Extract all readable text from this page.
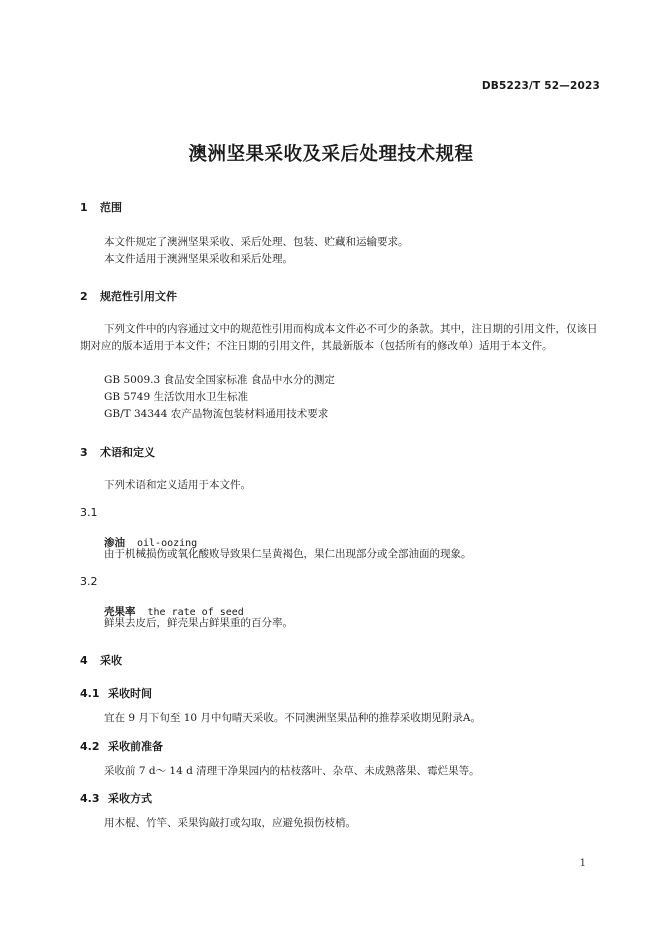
DB5223/T 52—2023
澳洲坚果采收及采后处理技术规程
1 范围
本文件规定了澳洲坚果采收、采后处理、包装、贮藏和运输要求。
本文件适用于澳洲坚果采收和采后处理。
2 规范性引用文件
下列文件中的内容通过文中的规范性引用而构成本文件必不可少的条款。其中，注日期的引用文件，仅该日期对应的版本适用于本文件；不注日期的引用文件，其最新版本（包括所有的修改单）适用于本文件。
GB 5009.3 食品安全国家标准 食品中水分的测定
GB 5749 生活饮用水卫生标准
GB/T 34344 农产品物流包装材料通用技术要求
3 术语和定义
下列术语和定义适用于本文件。
3.1
渗油 oil-oozing
由于机械损伤或氧化酸败导致果仁呈黄褐色，果仁出现部分或全部油面的现象。
3.2
壳果率 the rate of seed
鲜果去皮后，鲜壳果占鲜果重的百分率。
4 采收
4.1 采收时间
宜在 9 月下旬至 10 月中旬晴天采收。不同澳洲坚果品种的推荐采收期见附录A。
4.2 采收前准备
采收前 7 d～ 14 d 清理干净果园内的枯枝落叶、杂草、未成熟落果、霉烂果等。
4.3 采收方式
用木棍、竹竿、采果钩敲打或勾取，应避免损伤枝梢。
1
